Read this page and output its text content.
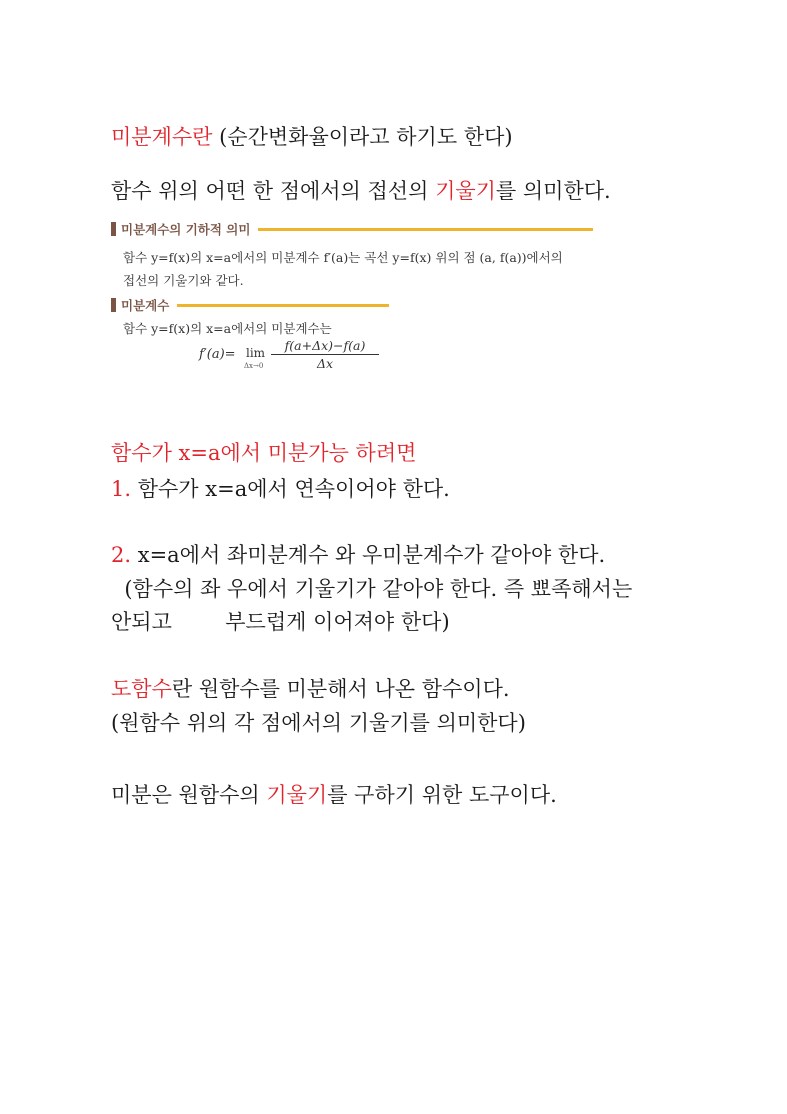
미분계수란 (순간변화율이라고 하기도 한다)
함수 위의 어떤 한 점에서의 접선의 기울기를 의미한다.
미분계수의 기하적 의미
함수 y=f(x)의 x=a에서의 미분계수 f′(a)는 곡선 y=f(x) 위의 점 (a, f(a))에서의
접선의 기울기와 같다.
미분계수
함수 y=f(x)의 x=a에서의 미분계수는
f′(a)= lim
$\Delta x\to 0 \frac{f(a+\Delta x)-f(a)}{\Delta x}$
함수가 x=a에서 미분가능 하려면
1. 함수가 x=a에서 연속이어야 한다.
2. x=a에서 좌미분계수 와 우미분계수가 같아야 한다.
(함수의 좌 우에서 기울기가 같아야 한다. 즉 뾰족해서는
안되고        부드럽게 이어져야 한다)
도함수란 원함수를 미분해서 나온 함수이다.
(원함수 위의 각 점에서의 기울기를 의미한다)
미분은 원함수의 기울기를 구하기 위한 도구이다.
